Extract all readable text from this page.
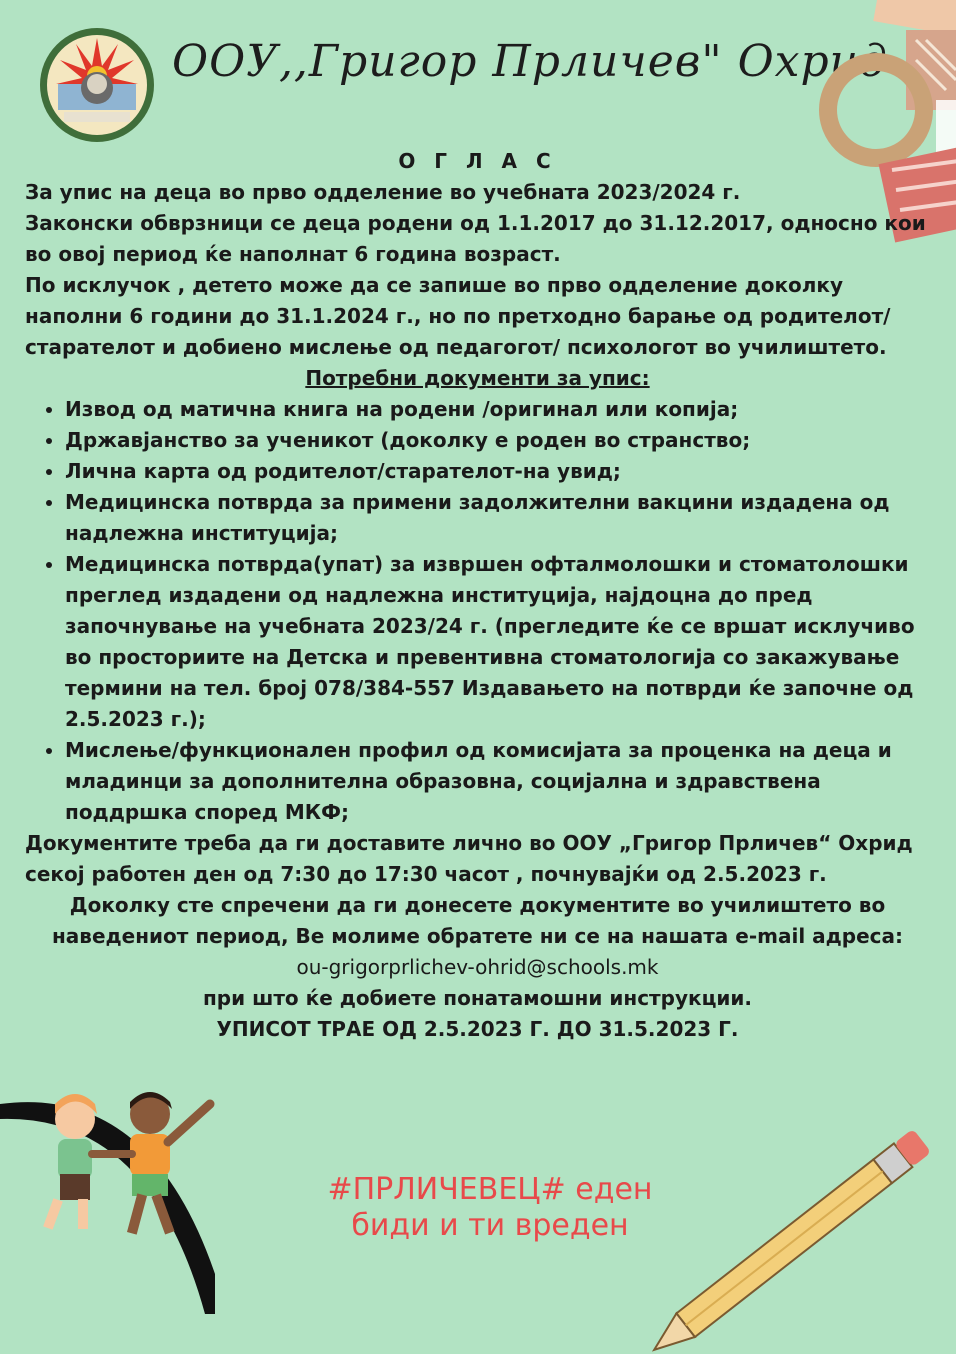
ООУ,,Григор Прличев" Охрид
О Г Л А С

За упис на деца во прво одделение во учебната 2023/2024 г.

Законски обврзници се деца родени од 1.1.2017 до 31.12.2017, односно кои во овој период ќе наполнат 6 година возраст.

По исклучок , детето може да се запише во прво одделение доколку наполни 6 години до 31.1.2024 г., но по претходно барање од родителот/старателот и добиено мислење од педагогот/ психологот во училиштето.

Потребни документи за упис:
• Извод од матична книга на родени /оригинал или копија;
• Државјанство за ученикот (доколку е роден во странство;
• Лична карта од родителот/старателот-на увид;
• Медицинска потврда за примени задолжителни вакцини издадена од надлежна институција;
• Медицинска потврда(упат) за извршен офталмолошки и стоматолошки преглед издадени од надлежна институција, најдоцна до пред започнување на учебната 2023/24 г. (прегледите ќе се вршат исклучиво во просториите на Детска и превентивна стоматологија со закажување термини на тел. број 078/384-557 Издавањето на потврди ќе започне од 2.5.2023 г.);
• Мислење/функционален профил од комисијата за проценка на деца и младинци за дополнителна образовна, социјална и здравствена поддршка според МКФ;

Документите треба да ги доставите лично во ООУ „Григор Прличев“ Охрид секој работен ден од 7:30 до 17:30 часот , почнувајќи од 2.5.2023 г.

Доколку сте спречени да ги донесете документите во училиштето во наведениот период, Ве молиме обратете ни се на нашата e-mail адреса:

ou-grigorprlichev-ohrid@schools.mk

при што ќе добиете понатамошни инструкции.

УПИСОТ ТРАЕ ОД 2.5.2023 Г. ДО 31.5.2023 Г.

#ПРЛИЧЕВЕЦ# еден
биди и ти вреден
